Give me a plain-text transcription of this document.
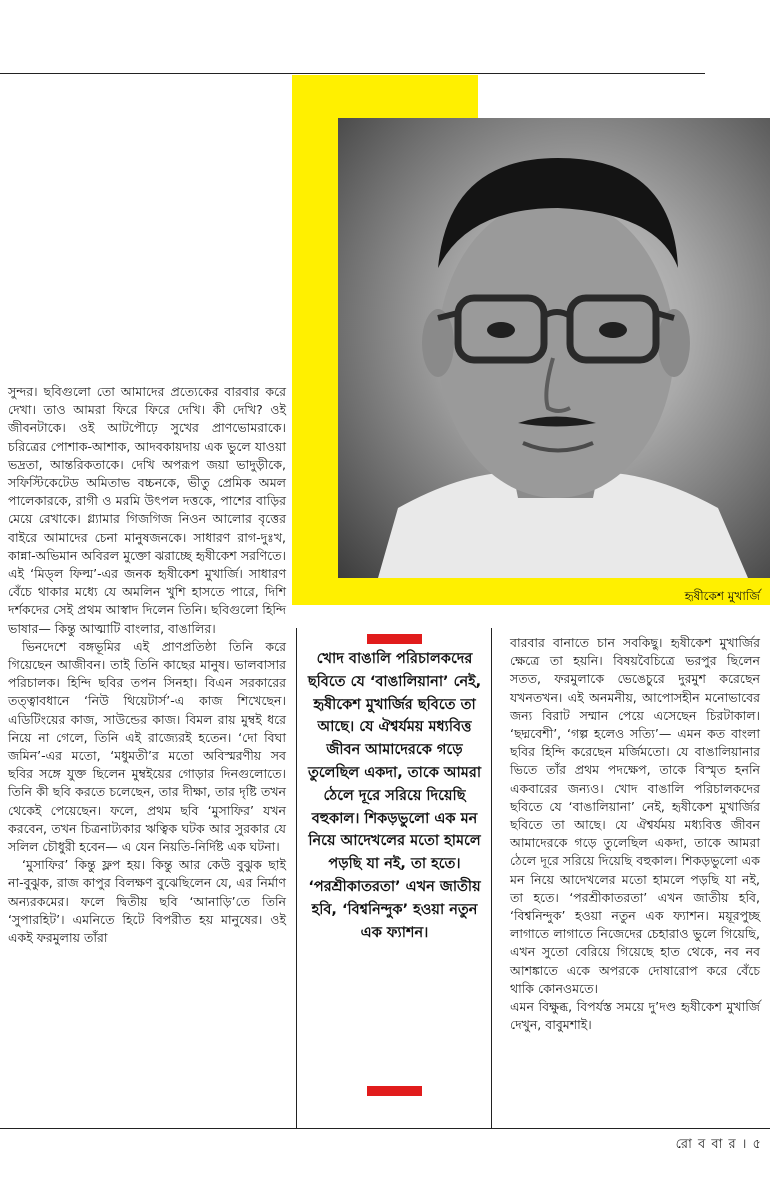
হৃষীকেশ মুখার্জি

সুন্দর। ছবিগুলো তো আমাদের প্রত্যেকের বারবার করে দেখা। তাও আমরা ফিরে ফিরে দেখি। কী দেখি? ওই জীবনটাকে। ওই আটপৌঢ়ে সুখের প্রাণভোমরাকে। চরিত্রের পোশাক-আশাক, আদবকায়দায় এক ভুলে যাওয়া ভদ্রতা, আন্তরিকতাকে। দেখি অপরূপ জয়া ভাদুড়ীকে, সফিস্টিকেটেড অমিতাভ বচ্চনকে, ভীতু প্রেমিক অমল পালেকারকে, রাগী ও মরমি উৎপল দত্তকে, পাশের বাড়ির মেয়ে রেখাকে। গ্ল্যামার গিজগিজ নিওন আলোর বৃত্তের বাইরে আমাদের চেনা মানুষজনকে। সাধারণ রাগ-দুঃখ, কান্না-অভিমান অবিরল মুক্তো ঝরাচ্ছে হৃষীকেশ সরণিতে। এই ‘মিড্‌ল ফিল্ম’-এর জনক হৃষীকেশ মুখার্জি। সাধারণ বেঁচে থাকার মধ্যে যে অমলিন খুশি হাসতে পারে, দিশি দর্শকদের সেই প্রথম আস্বাদ দিলেন তিনি। ছবিগুলো হিন্দি ভাষার— কিন্তু আত্মাটি বাংলার, বাঙালির।

ভিনদেশে বঙ্গভূমির এই প্রাণপ্রতিষ্ঠা তিনি করে গিয়েছেন আজীবন। তাই তিনি কাছের মানুষ। ভালবাসার পরিচালক। হিন্দি ছবির তপন সিনহা। বিএন সরকারের তত্ত্বাবধানে ‘নিউ থিয়েটার্স’-এ কাজ শিখেছেন। এডিটিংয়ের কাজ, সাউন্ডের কাজ। বিমল রায় মুম্বই ধরে নিয়ে না গেলে, তিনি এই রাজ্যেরই হতেন। ‘দো বিঘা জমিন’-এর মতো, ‘মধুমতী’র মতো অবিস্মরণীয় সব ছবির সঙ্গে যুক্ত ছিলেন মুম্বইয়ের গোড়ার দিনগুলোতে। তিনি কী ছবি করতে চলেছেন, তার দীক্ষা, তার দৃষ্টি তখন থেকেই পেয়েছেন। ফলে, প্রথম ছবি ‘মুসাফির’ যখন করবেন, তখন চিত্রনাট্যকার ঋত্বিক ঘটক আর সুরকার যে সলিল চৌধুরী হবেন— এ যেন নিয়তি-নির্দিষ্ট এক ঘটনা।

‘মুসাফির’ কিন্তু ফ্লপ হয়। কিন্তু আর কেউ বুঝুক ছাই না-বুঝুক, রাজ কাপুর বিলক্ষণ বুঝেছিলেন যে, এর নির্মাণ অন্যরকমের। ফলে দ্বিতীয় ছবি ‘আনাড়ি’তে তিনি ‘সুপারহিট’। এমনিতে হিটে বিপরীত হয় মানুষের। ওই একই ফরমুলায় তাঁরা

খোদ বাঙালি পরিচালকদের ছবিতে যে ‘বাঙালিয়ানা’ নেই, হৃষীকেশ মুখার্জির ছবিতে তা আছে। যে ঐশ্বর্যময় মধ্যবিত্ত জীবন আমাদেরকে গড়ে তুলেছিল একদা, তাকে আমরা ঠেলে দূরে সরিয়ে দিয়েছি বহুকাল। শিকড়ভুলো এক মন নিয়ে আদেখলের মতো হামলে পড়ছি যা নই, তা হতে। ‘পরশ্রীকাতরতা’ এখন জাতীয় হবি, ‘বিশ্বনিন্দুক’ হওয়া নতুন এক ফ্যাশন।

বারবার বানাতে চান সবকিছু। হৃষীকেশ মুখার্জির ক্ষেত্রে তা হয়নি। বিষয়বৈচিত্রে ভরপুর ছিলেন সতত, ফরমুলাকে ভেঙেচুরে দুরমুশ করেছেন যখনতখন। এই অনমনীয়, আপোসহীন মনোভাবের জন্য বিরাট সম্মান পেয়ে এসেছেন চিরটাকাল। ‘ছদ্মবেশী’, ‘গল্প হলেও সত্যি’— এমন কত বাংলা ছবির হিন্দি করেছেন মর্জিমতো। যে বাঙালিয়ানার ভিতে তাঁর প্রথম পদক্ষেপ, তাকে বিস্মৃত হননি একবারের জন্যও। খোদ বাঙালি পরিচালকদের ছবিতে যে ‘বাঙালিয়ানা’ নেই, হৃষীকেশ মুখার্জির ছবিতে তা আছে। যে ঐশ্বর্যময় মধ্যবিত্ত জীবন আমাদেরকে গড়ে তুলেছিল একদা, তাকে আমরা ঠেলে দূরে সরিয়ে দিয়েছি বহুকাল। শিকড়ভুলো এক মন নিয়ে আদেখলের মতো হামলে পড়ছি যা নই, তা হতে। ‘পরশ্রীকাতরতা’ এখন জাতীয় হবি, ‘বিশ্বনিন্দুক’ হওয়া নতুন এক ফ্যাশন। ময়ূরপুচ্ছ লাগাতে লাগাতে নিজেদের চেহারাও ভুলে গিয়েছি, এখন সুতো বেরিয়ে গিয়েছে হাত থেকে, নব নব আশঙ্কাতে একে অপরকে দোষারোপ করে বেঁচে থাকি কোনওমতে।

এমন বিক্ষুব্ধ, বিপর্যস্ত সময়ে দু’দণ্ড হৃষীকেশ মুখার্জি দেখুন, বাবুমশাই।

রো ব বা র । ৫
